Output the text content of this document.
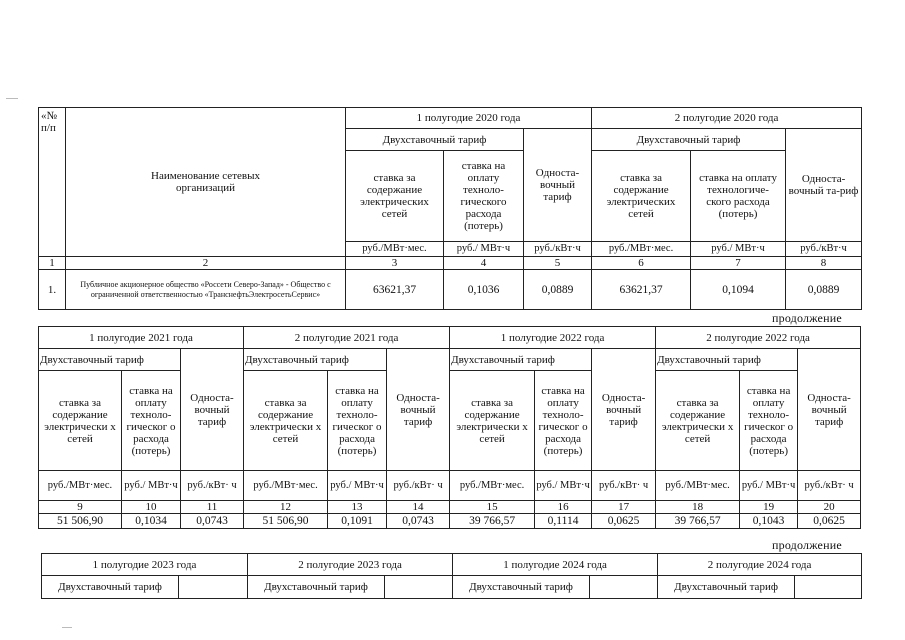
«№ п/п	Наименование сетевых организаций	1 полугодие 2020 года			2 полугодие 2020 года		
		Двухставочный тариф		Односта-вочный тариф	Двухставочный тариф		Односта-вочный та-риф
		ставка за содержание электрических сетей	ставка на оплату техноло-гического расхода (потерь)		ставка за содержание электрических сетей	ставка на оплату технологиче-ского расхода (потерь)	
		руб./МВт·мес.	руб./ МВт·ч	руб./кВт·ч	руб./МВт·мес.	руб./ МВт·ч	руб./кВт·ч
1	2	3	4	5	6	7	8
1.	Публичное акционерное общество «Россети Северо-Запад» - Общество с ограниченной ответственностью «ТранснефтьЭлектросетьСервис»	63621,37	0,1036	0,0889	63621,37	0,1094	0,0889
продолжение
1 полугодие 2021 года			2 полугодие 2021 года			1 полугодие 2022 года			2 полугодие 2022 года		
Двухставочный тариф		Односта-вочный тариф	Двухставочный тариф		Односта-вочный тариф	Двухставочный тариф		Односта-вочный тариф	Двухставочный тариф		Односта-вочный тариф
ставка за содержание электрически х сетей	ставка на оплату техноло-гическог о расхода (потерь)		ставка за содержание электрически х сетей	ставка на оплату техноло-гическог о расхода (потерь)		ставка за содержание электрически х сетей	ставка на оплату техноло-гическог о расхода (потерь)		ставка за содержание электрически х сетей	ставка на оплату техноло-гическог о расхода (потерь)	
руб./МВт·мес.	руб./ МВт·ч	руб./кВт· ч	руб./МВт·мес.	руб./ МВт·ч	руб./кВт· ч	руб./МВт·мес.	руб./ МВт·ч	руб./кВт· ч	руб./МВт·мес.	руб./ МВт·ч	руб./кВт· ч
9	10	11	12	13	14	15	16	17	18	19	20
51 506,90	0,1034	0,0743	51 506,90	0,1091	0,0743	39 766,57	0,1114	0,0625	39 766,57	0,1043	0,0625
продолжение
1 полугодие 2023 года		2 полугодие 2023 года		1 полугодие 2024 года		2 полугодие 2024 года	
Двухставочный тариф		Двухставочный тариф		Двухставочный тариф		Двухставочный тариф	
